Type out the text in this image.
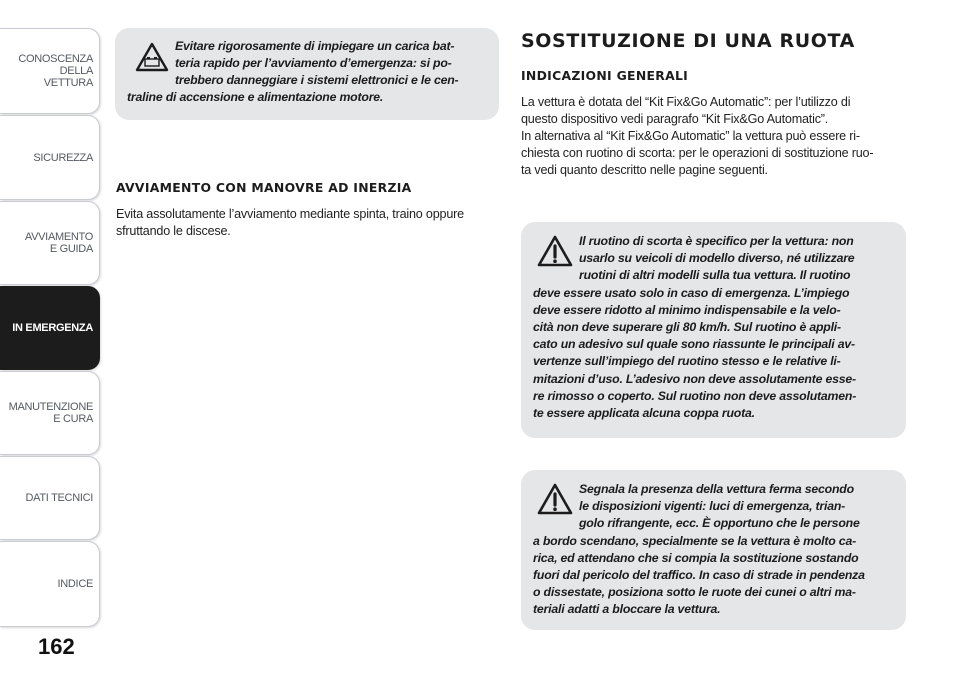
CONOSCENZA
DELLA
VETTURA
SICUREZZA
AVVIAMENTO
E GUIDA
IN EMERGENZA
MANUTENZIONE
E CURA
DATI TECNICI
INDICE
162

Evitare rigorosamente di impiegare un carica bat-
teria rapido per l’avviamento d’emergenza: si po-
trebbero danneggiare i sistemi elettronici e le cen-
traline di accensione e alimentazione motore.

AVVIAMENTO CON MANOVRE AD INERZIA

Evita assolutamente l’avviamento mediante spinta, traino oppure
sfruttando le discese.

SOSTITUZIONE DI UNA RUOTA
INDICAZIONI GENERALI

La vettura è dotata del “Kit Fix&Go Automatic”: per l’utilizzo di
questo dispositivo vedi paragrafo “Kit Fix&Go Automatic”.
In alternativa al “Kit Fix&Go Automatic” la vettura può essere ri-
chiesta con ruotino di scorta: per le operazioni di sostituzione ruo-
ta vedi quanto descritto nelle pagine seguenti.

Il ruotino di scorta è specifico per la vettura: non
usarlo su veicoli di modello diverso, né utilizzare
ruotini di altri modelli sulla tua vettura. Il ruotino
deve essere usato solo in caso di emergenza. L’impiego
deve essere ridotto al minimo indispensabile e la velo-
cità non deve superare gli 80 km/h. Sul ruotino è appli-
cato un adesivo sul quale sono riassunte le principali av-
vertenze sull’impiego del ruotino stesso e le relative li-
mitazioni d’uso. L’adesivo non deve assolutamente esse-
re rimosso o coperto. Sul ruotino non deve assolutamen-
te essere applicata alcuna coppa ruota.

Segnala la presenza della vettura ferma secondo
le disposizioni vigenti: luci di emergenza, trian-
golo rifrangente, ecc. È opportuno che le persone
a bordo scendano, specialmente se la vettura è molto ca-
rica, ed attendano che si compia la sostituzione sostando
fuori dal pericolo del traffico. In caso di strade in pendenza
o dissestate, posiziona sotto le ruote dei cunei o altri ma-
teriali adatti a bloccare la vettura.
